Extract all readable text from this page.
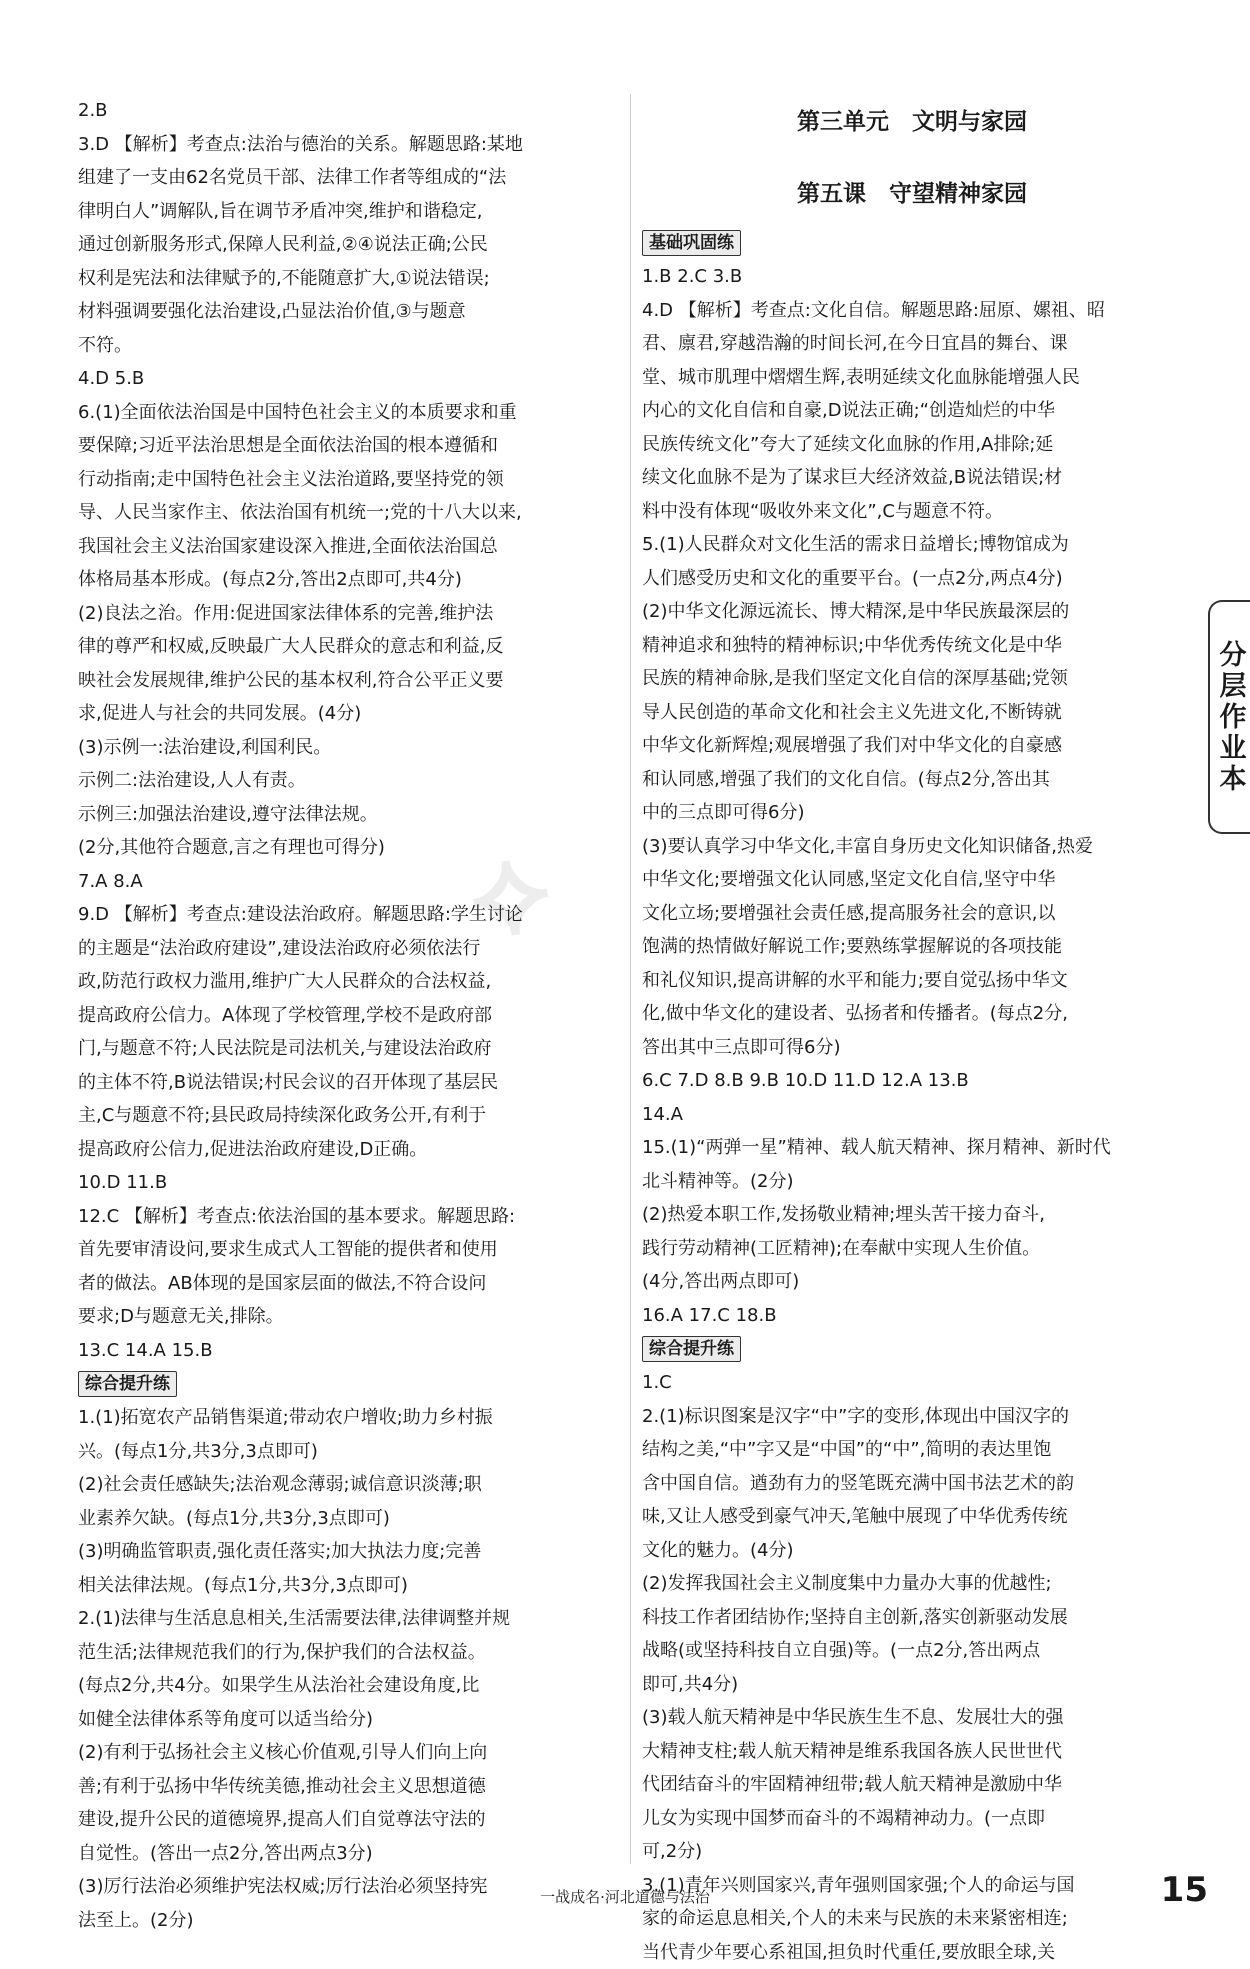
2.B
3.D 【解析】考查点:法治与德治的关系。解题思路:某地
组建了一支由62名党员干部、法律工作者等组成的“法
律明白人”调解队,旨在调节矛盾冲突,维护和谐稳定,
通过创新服务形式,保障人民利益,②④说法正确;公民
权利是宪法和法律赋予的,不能随意扩大,①说法错误;
材料强调要强化法治建设,凸显法治价值,③与题意
不符。
4.D 5.B
6.(1)全面依法治国是中国特色社会主义的本质要求和重
要保障;习近平法治思想是全面依法治国的根本遵循和
行动指南;走中国特色社会主义法治道路,要坚持党的领
导、人民当家作主、依法治国有机统一;党的十八大以来,
我国社会主义法治国家建设深入推进,全面依法治国总
体格局基本形成。(每点2分,答出2点即可,共4分)
(2)良法之治。作用:促进国家法律体系的完善,维护法
律的尊严和权威,反映最广大人民群众的意志和利益,反
映社会发展规律,维护公民的基本权利,符合公平正义要
求,促进人与社会的共同发展。(4分)
(3)示例一:法治建设,利国利民。
示例二:法治建设,人人有责。
示例三:加强法治建设,遵守法律法规。
(2分,其他符合题意,言之有理也可得分)
7.A 8.A
9.D 【解析】考查点:建设法治政府。解题思路:学生讨论
的主题是“法治政府建设”,建设法治政府必须依法行
政,防范行政权力滥用,维护广大人民群众的合法权益,
提高政府公信力。A体现了学校管理,学校不是政府部
门,与题意不符;人民法院是司法机关,与建设法治政府
的主体不符,B说法错误;村民会议的召开体现了基层民
主,C与题意不符;县民政局持续深化政务公开,有利于
提高政府公信力,促进法治政府建设,D正确。
10.D 11.B
12.C 【解析】考查点:依法治国的基本要求。解题思路:
首先要审清设问,要求生成式人工智能的提供者和使用
者的做法。AB体现的是国家层面的做法,不符合设问
要求;D与题意无关,排除。
13.C 14.A 15.B
综合提升练
1.(1)拓宽农产品销售渠道;带动农户增收;助力乡村振
兴。(每点1分,共3分,3点即可)
(2)社会责任感缺失;法治观念薄弱;诚信意识淡薄;职
业素养欠缺。(每点1分,共3分,3点即可)
(3)明确监管职责,强化责任落实;加大执法力度;完善
相关法律法规。(每点1分,共3分,3点即可)
2.(1)法律与生活息息相关,生活需要法律,法律调整并规
范生活;法律规范我们的行为,保护我们的合法权益。
(每点2分,共4分。如果学生从法治社会建设角度,比
如健全法律体系等角度可以适当给分)
(2)有利于弘扬社会主义核心价值观,引导人们向上向
善;有利于弘扬中华传统美德,推动社会主义思想道德
建设,提升公民的道德境界,提高人们自觉尊法守法的
自觉性。(答出一点2分,答出两点3分)
(3)厉行法治必须维护宪法权威;厉行法治必须坚持宪
法至上。(2分)
第三单元　文明与家园
第五课　守望精神家园
基础巩固练
1.B 2.C 3.B
4.D 【解析】考查点:文化自信。解题思路:屈原、嫘祖、昭
君、廪君,穿越浩瀚的时间长河,在今日宜昌的舞台、课
堂、城市肌理中熠熠生辉,表明延续文化血脉能增强人民
内心的文化自信和自豪,D说法正确;“创造灿烂的中华
民族传统文化”夸大了延续文化血脉的作用,A排除;延
续文化血脉不是为了谋求巨大经济效益,B说法错误;材
料中没有体现“吸收外来文化”,C与题意不符。
5.(1)人民群众对文化生活的需求日益增长;博物馆成为
人们感受历史和文化的重要平台。(一点2分,两点4分)
(2)中华文化源远流长、博大精深,是中华民族最深层的
精神追求和独特的精神标识;中华优秀传统文化是中华
民族的精神命脉,是我们坚定文化自信的深厚基础;党领
导人民创造的革命文化和社会主义先进文化,不断铸就
中华文化新辉煌;观展增强了我们对中华文化的自豪感
和认同感,增强了我们的文化自信。(每点2分,答出其
中的三点即可得6分)
(3)要认真学习中华文化,丰富自身历史文化知识储备,热爱
中华文化;要增强文化认同感,坚定文化自信,坚守中华
文化立场;要增强社会责任感,提高服务社会的意识,以
饱满的热情做好解说工作;要熟练掌握解说的各项技能
和礼仪知识,提高讲解的水平和能力;要自觉弘扬中华文
化,做中华文化的建设者、弘扬者和传播者。(每点2分,
答出其中三点即可得6分)
6.C 7.D 8.B 9.B 10.D 11.D 12.A 13.B
14.A
15.(1)“两弹一星”精神、载人航天精神、探月精神、新时代
北斗精神等。(2分)
(2)热爱本职工作,发扬敬业精神;埋头苦干接力奋斗,
践行劳动精神(工匠精神);在奉献中实现人生价值。
(4分,答出两点即可)
16.A 17.C 18.B
综合提升练
1.C
2.(1)标识图案是汉字“中”字的变形,体现出中国汉字的
结构之美,“中”字又是“中国”的“中”,简明的表达里饱
含中国自信。遒劲有力的竖笔既充满中国书法艺术的韵
味,又让人感受到豪气冲天,笔触中展现了中华优秀传统
文化的魅力。(4分)
(2)发挥我国社会主义制度集中力量办大事的优越性;
科技工作者团结协作;坚持自主创新,落实创新驱动发展
战略(或坚持科技自立自强)等。(一点2分,答出两点
即可,共4分)
(3)载人航天精神是中华民族生生不息、发展壮大的强
大精神支柱;载人航天精神是维系我国各族人民世世代
代团结奋斗的牢固精神纽带;载人航天精神是激励中华
儿女为实现中国梦而奋斗的不竭精神动力。(一点即
可,2分)
3.(1)青年兴则国家兴,青年强则国家强;个人的命运与国
家的命运息息相关,个人的未来与民族的未来紧密相连;
当代青少年要心系祖国,担负时代重任,要放眼全球,关
分层作业本
⟡
一战成名·河北道德与法治	15
